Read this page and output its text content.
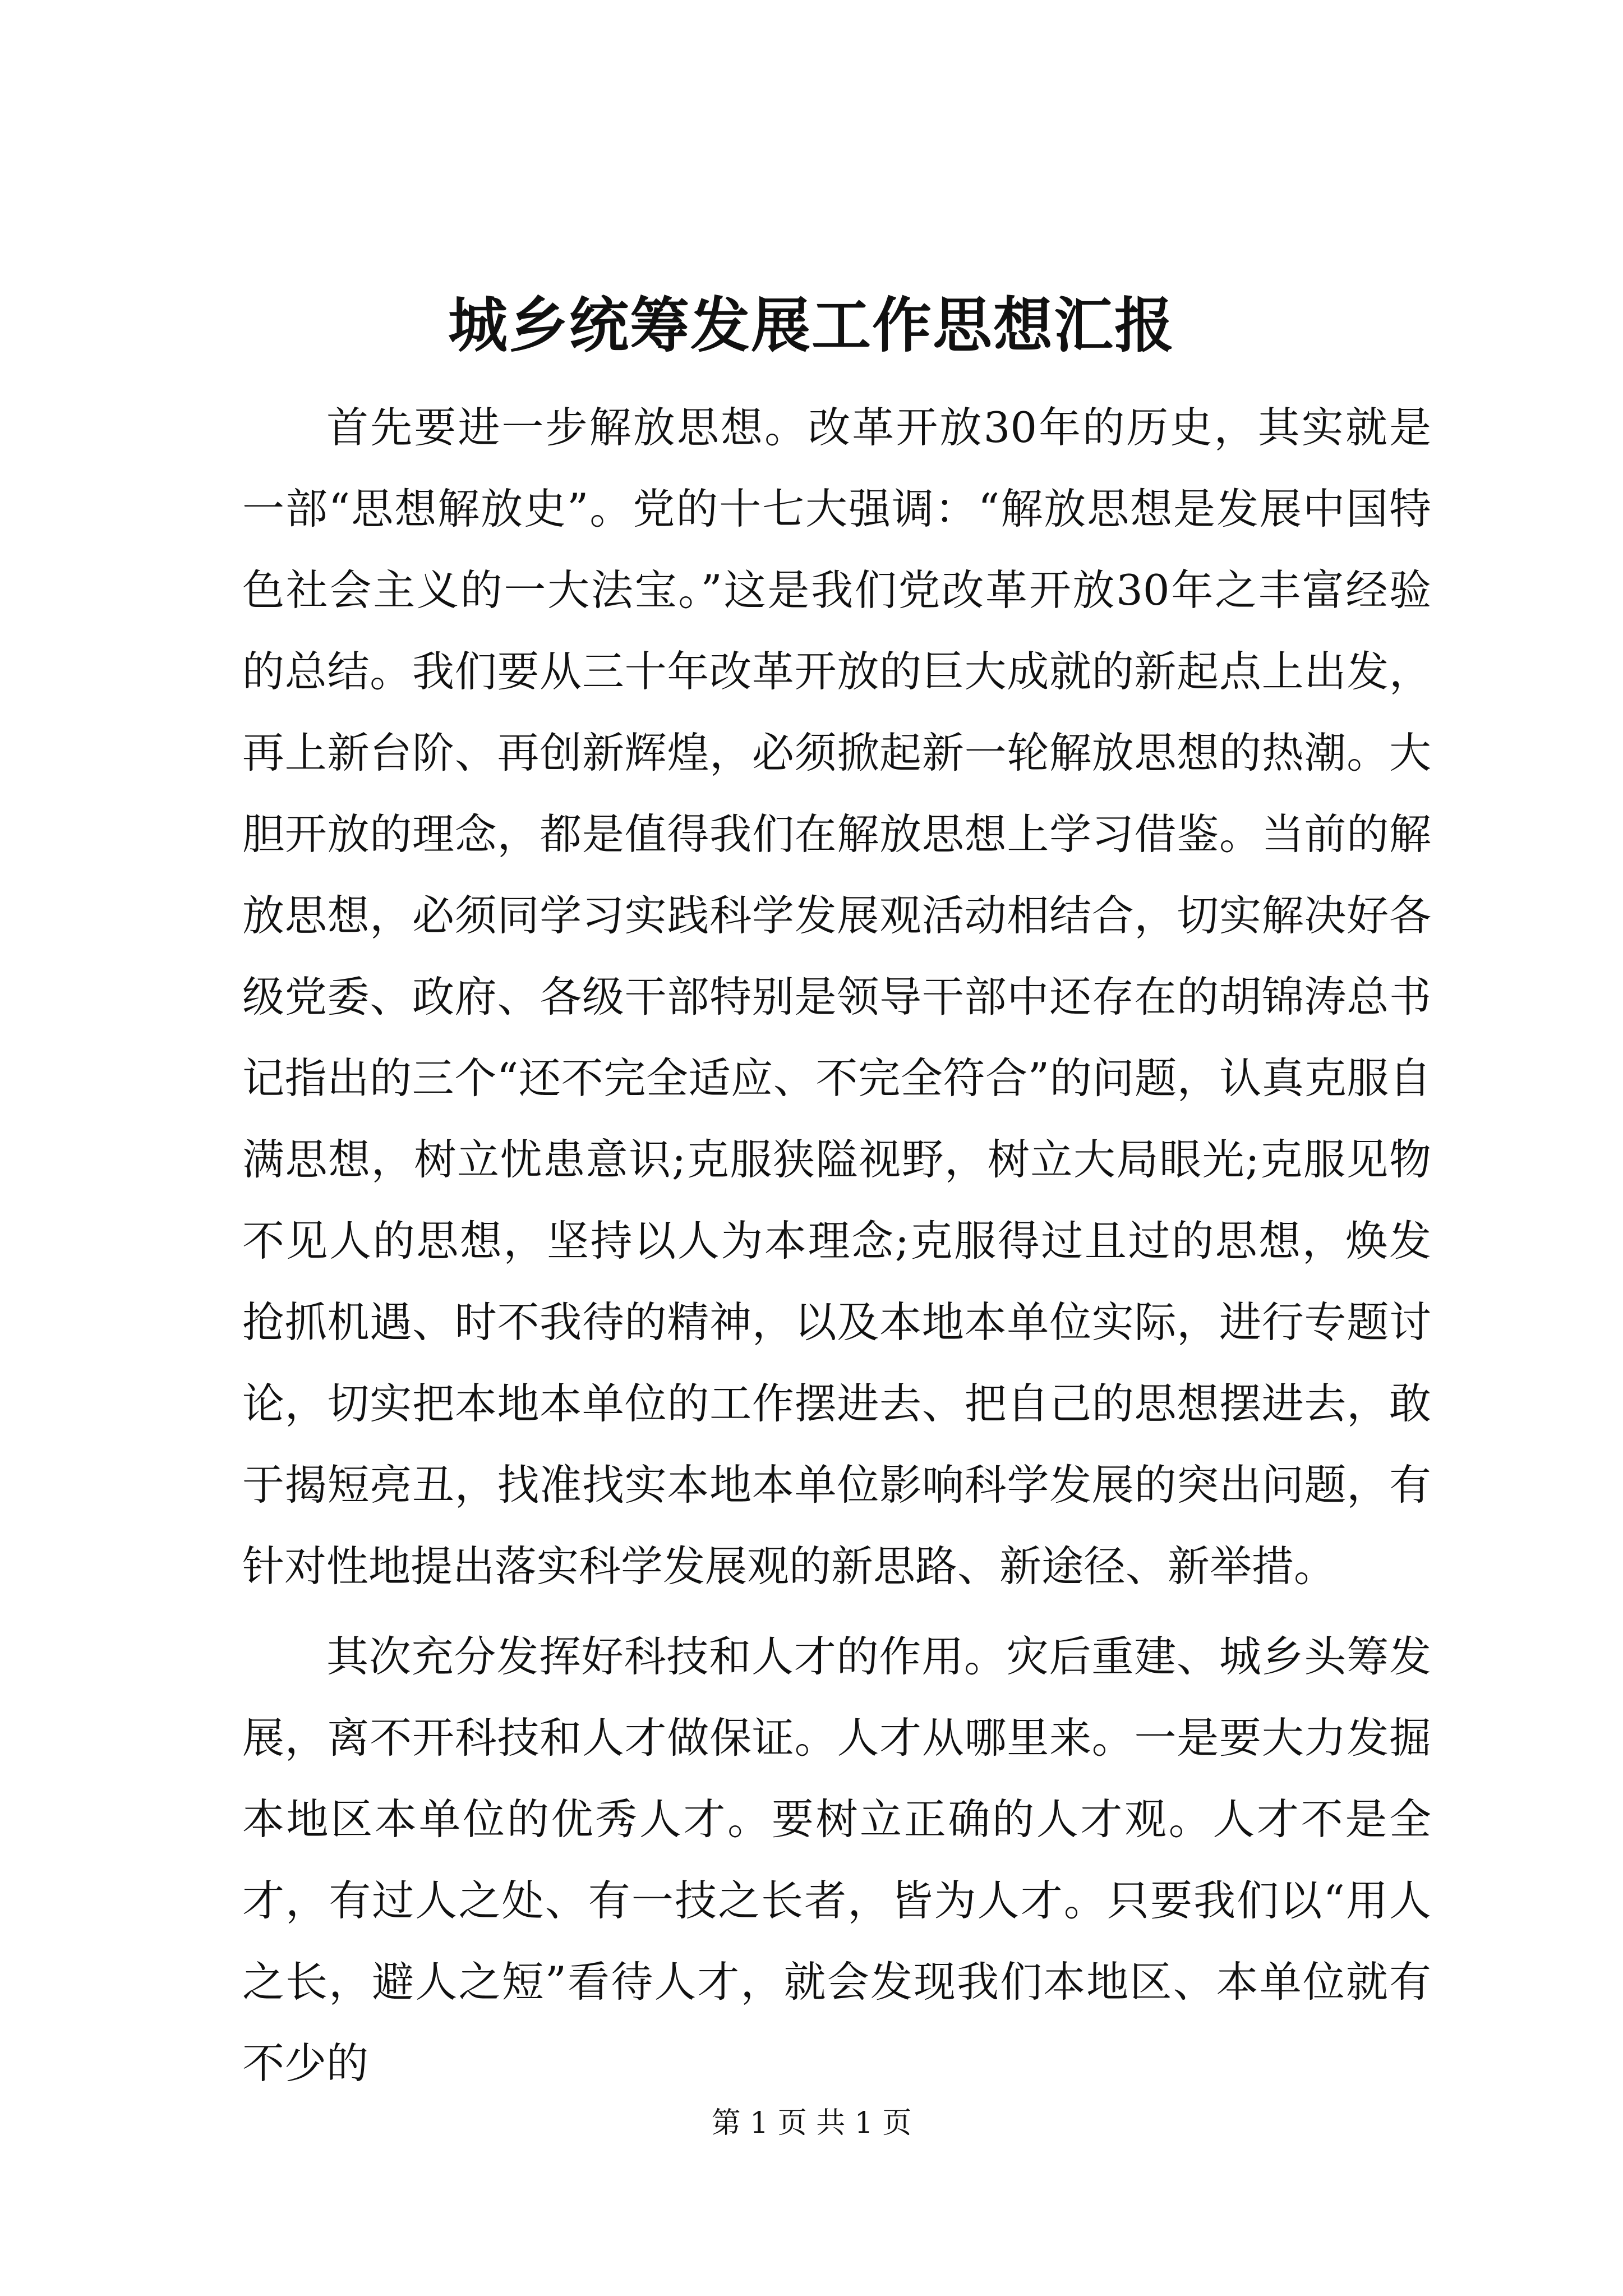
城乡统筹发展工作思想汇报

首先要进一步解放思想。改革开放30年的历史，其实就是一部“思想解放史”。党的十七大强调：“解放思想是发展中国特色社会主义的一大法宝。”这是我们党改革开放30年之丰富经验的总结。我们要从三十年改革开放的巨大成就的新起点上出发，再上新台阶、再创新辉煌，必须掀起新一轮解放思想的热潮。大胆开放的理念，都是值得我们在解放思想上学习借鉴。当前的解放思想，必须同学习实践科学发展观活动相结合，切实解决好各级党委、政府、各级干部特别是领导干部中还存在的胡锦涛总书记指出的三个“还不完全适应、不完全符合”的问题，认真克服自满思想，树立忧患意识;克服狭隘视野，树立大局眼光;克服见物不见人的思想，坚持以人为本理念;克服得过且过的思想，焕发抢抓机遇、时不我待的精神，以及本地本单位实际，进行专题讨论，切实把本地本单位的工作摆进去、把自己的思想摆进去，敢于揭短亮丑，找准找实本地本单位影响科学发展的突出问题，有针对性地提出落实科学发展观的新思路、新途径、新举措。

其次充分发挥好科技和人才的作用。灾后重建、城乡头筹发展，离不开科技和人才做保证。人才从哪里来。一是要大力发掘本地区本单位的优秀人才。要树立正确的人才观。人才不是全才，有过人之处、有一技之长者，皆为人才。只要我们以“用人之长，避人之短”看待人才，就会发现我们本地区、本单位就有不少的

第 1 页 共 1 页
